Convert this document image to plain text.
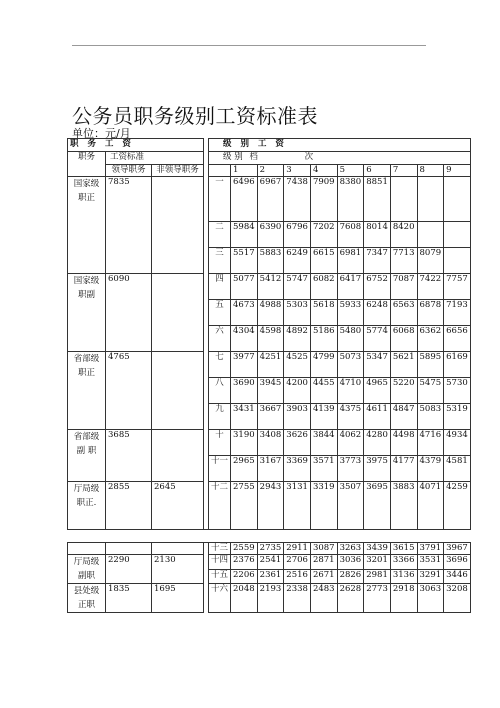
公务员职务级别工资标准表
单位：元/月
职 务 工 资				级 别 工 资									
职务	工资标准			级 别 档 次									
	领导职务	非领导职务			1	2	3	4	5	6	7	8	9
国家级职正	7835			一	6496	6967	7438	7909	8380	8851			
				二	5984	6390	6796	7202	7608	8014	8420		
				三	5517	5883	6249	6615	6981	7347	7713	8079	
国家级职副	6090			四	5077	5412	5747	6082	6417	6752	7087	7422	7757
				五	4673	4988	5303	5618	5933	6248	6563	6878	7193
				六	4304	4598	4892	5186	5480	5774	6068	6362	6656
省部级职正	4765			七	3977	4251	4525	4799	5073	5347	5621	5895	6169
				八	3690	3945	4200	4455	4710	4965	5220	5475	5730
				九	3431	3667	3903	4139	4375	4611	4847	5083	5319
省部级副 职	3685			十	3190	3408	3626	3844	4062	4280	4498	4716	4934
				十一	2965	3167	3369	3571	3773	3975	4177	4379	4581
厅局级职正.	2855	2645		十二	2755	2943	3131	3319	3507	3695	3883	4071	4259

				十三	2559	2735	2911	3087	3263	3439	3615	3791	3967
厅局级副职	2290	2130		十四	2376	2541	2706	2871	3036	3201	3366	3531	3696
				十五	2206	2361	2516	2671	2826	2981	3136	3291	3446
县处级正职	1835	1695		十六	2048	2193	2338	2483	2628	2773	2918	3063	3208
